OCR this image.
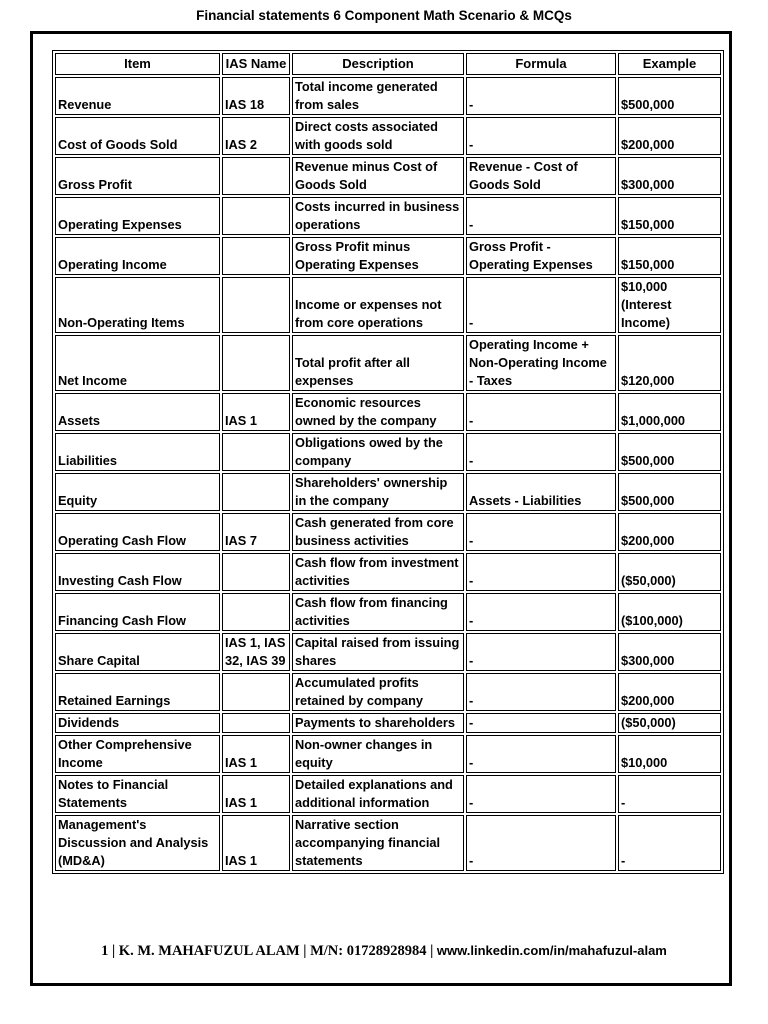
Financial statements 6 Component Math Scenario & MCQs
Item	IAS Name	Description	Formula	Example
Revenue	IAS 18	Total income generated from sales	-	$500,000
Cost of Goods Sold	IAS 2	Direct costs associated with goods sold	-	$200,000
Gross Profit		Revenue minus Cost of Goods Sold	Revenue - Cost of Goods Sold	$300,000
Operating Expenses		Costs incurred in business operations	-	$150,000
Operating Income		Gross Profit minus Operating Expenses	Gross Profit - Operating Expenses	$150,000
Non-Operating Items		Income or expenses not from core operations	-	$10,000 (Interest Income)
Net Income		Total profit after all expenses	Operating Income + Non-Operating Income - Taxes	$120,000
Assets	IAS 1	Economic resources owned by the company	-	$1,000,000
Liabilities		Obligations owed by the company	-	$500,000
Equity		Shareholders' ownership in the company	Assets - Liabilities	$500,000
Operating Cash Flow	IAS 7	Cash generated from core business activities	-	$200,000
Investing Cash Flow		Cash flow from investment activities	-	($50,000)
Financing Cash Flow		Cash flow from financing activities	-	($100,000)
Share Capital	IAS 1, IAS 32, IAS 39	Capital raised from issuing shares	-	$300,000
Retained Earnings		Accumulated profits retained by company	-	$200,000
Dividends		Payments to shareholders	-	($50,000)
Other Comprehensive Income	IAS 1	Non-owner changes in equity	-	$10,000
Notes to Financial Statements	IAS 1	Detailed explanations and additional information	-	-
Management's Discussion and Analysis (MD&A)	IAS 1	Narrative section accompanying financial statements	-	-
1 | K. M. MAHAFUZUL ALAM | M/N: 01728928984 | www.linkedin.com/in/mahafuzul-alam
